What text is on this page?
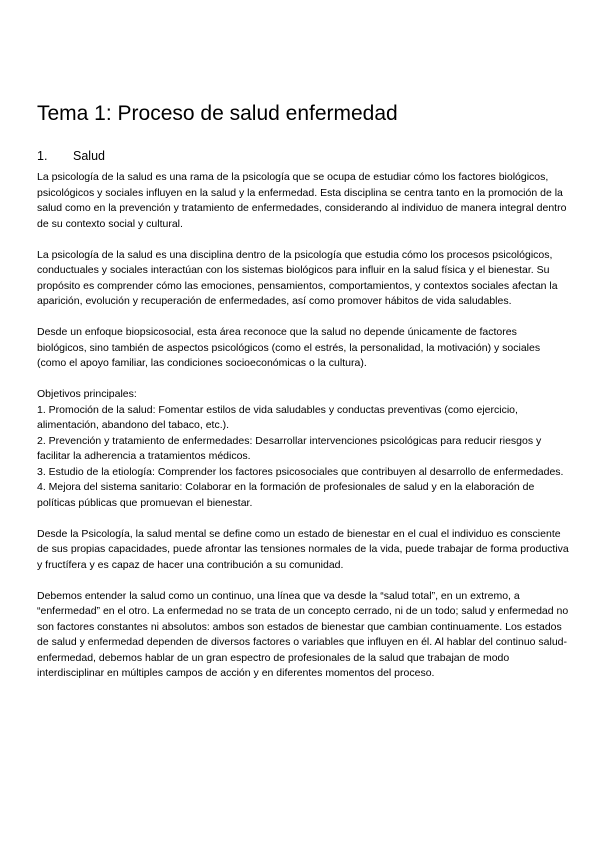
Tema 1: Proceso de salud enfermedad
1. Salud

La psicología de la salud es una rama de la psicología que se ocupa de estudiar cómo los factores biológicos, psicológicos y sociales influyen en la salud y la enfermedad. Esta disciplina se centra tanto en la promoción de la salud como en la prevención y tratamiento de enfermedades, considerando al individuo de manera integral dentro de su contexto social y cultural.

La psicología de la salud es una disciplina dentro de la psicología que estudia cómo los procesos psicológicos, conductuales y sociales interactúan con los sistemas biológicos para influir en la salud física y el bienestar. Su propósito es comprender cómo las emociones, pensamientos, comportamientos, y contextos sociales afectan la aparición, evolución y recuperación de enfermedades, así como promover hábitos de vida saludables.

Desde un enfoque biopsicosocial, esta área reconoce que la salud no depende únicamente de factores biológicos, sino también de aspectos psicológicos (como el estrés, la personalidad, la motivación) y sociales (como el apoyo familiar, las condiciones socioeconómicas o la cultura).

Objetivos principales:

1. Promoción de la salud: Fomentar estilos de vida saludables y conductas preventivas (como ejercicio, alimentación, abandono del tabaco, etc.).

2. Prevención y tratamiento de enfermedades: Desarrollar intervenciones psicológicas para reducir riesgos y facilitar la adherencia a tratamientos médicos.

3. Estudio de la etiología: Comprender los factores psicosociales que contribuyen al desarrollo de enfermedades.

4. Mejora del sistema sanitario: Colaborar en la formación de profesionales de salud y en la elaboración de políticas públicas que promuevan el bienestar.

Desde la Psicología, la salud mental se define como un estado de bienestar en el cual el individuo es consciente de sus propias capacidades, puede afrontar las tensiones normales de la vida, puede trabajar de forma productiva y fructífera y es capaz de hacer una contribución a su comunidad.

Debemos entender la salud como un continuo, una línea que va desde la “salud total”, en un extremo, a “enfermedad” en el otro. La enfermedad no se trata de un concepto cerrado, ni de un todo; salud y enfermedad no son factores constantes ni absolutos: ambos son estados de bienestar que cambian continuamente. Los estados de salud y enfermedad dependen de diversos factores o variables que influyen en él. Al hablar del continuo salud-enfermedad, debemos hablar de un gran espectro de profesionales de la salud que trabajan de modo interdisciplinar en múltiples campos de acción y en diferentes momentos del proceso.
